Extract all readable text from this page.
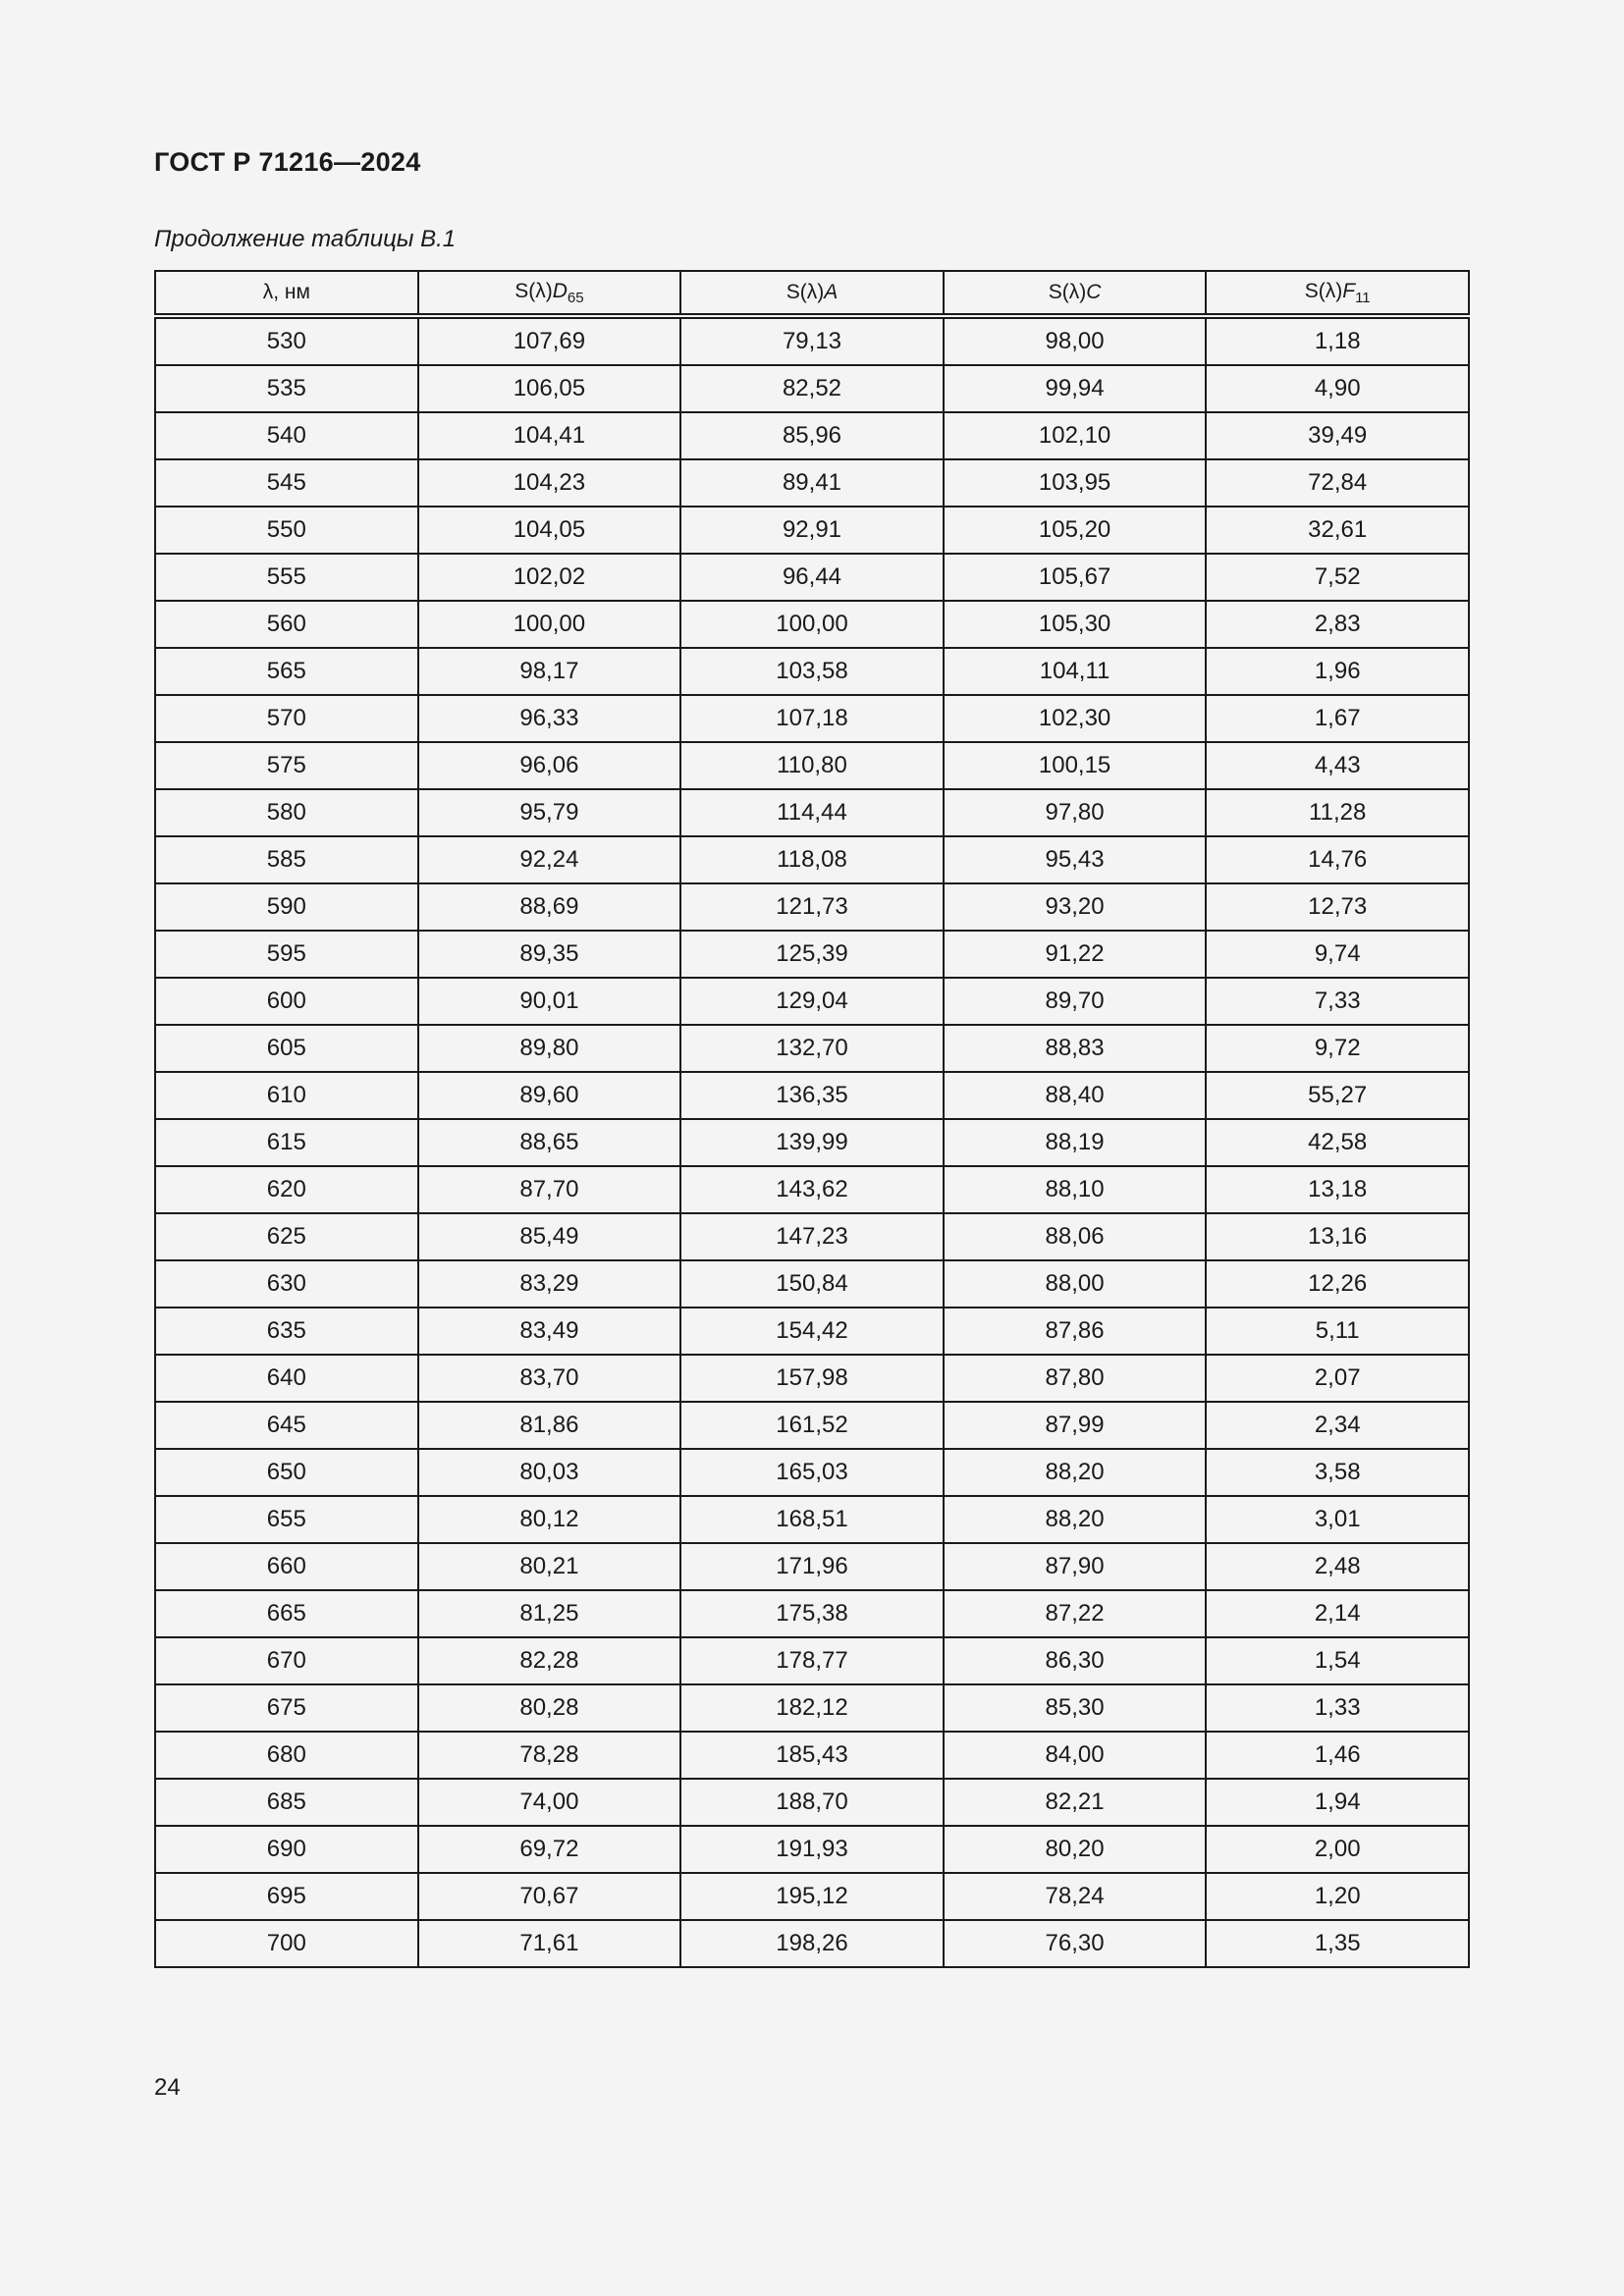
ГОСТ Р 71216—2024
Продолжение таблицы В.1
λ, нм	$S(\lambda)D_{65}$	S(λ)A	S(λ)C	$S(\lambda)F_{11}$
530	107,69	79,13	98,00	1,18
535	106,05	82,52	99,94	4,90
540	104,41	85,96	102,10	39,49
545	104,23	89,41	103,95	72,84
550	104,05	92,91	105,20	32,61
555	102,02	96,44	105,67	7,52
560	100,00	100,00	105,30	2,83
565	98,17	103,58	104,11	1,96
570	96,33	107,18	102,30	1,67
575	96,06	110,80	100,15	4,43
580	95,79	114,44	97,80	11,28
585	92,24	118,08	95,43	14,76
590	88,69	121,73	93,20	12,73
595	89,35	125,39	91,22	9,74
600	90,01	129,04	89,70	7,33
605	89,80	132,70	88,83	9,72
610	89,60	136,35	88,40	55,27
615	88,65	139,99	88,19	42,58
620	87,70	143,62	88,10	13,18
625	85,49	147,23	88,06	13,16
630	83,29	150,84	88,00	12,26
635	83,49	154,42	87,86	5,11
640	83,70	157,98	87,80	2,07
645	81,86	161,52	87,99	2,34
650	80,03	165,03	88,20	3,58
655	80,12	168,51	88,20	3,01
660	80,21	171,96	87,90	2,48
665	81,25	175,38	87,22	2,14
670	82,28	178,77	86,30	1,54
675	80,28	182,12	85,30	1,33
680	78,28	185,43	84,00	1,46
685	74,00	188,70	82,21	1,94
690	69,72	191,93	80,20	2,00
695	70,67	195,12	78,24	1,20
700	71,61	198,26	76,30	1,35
24
